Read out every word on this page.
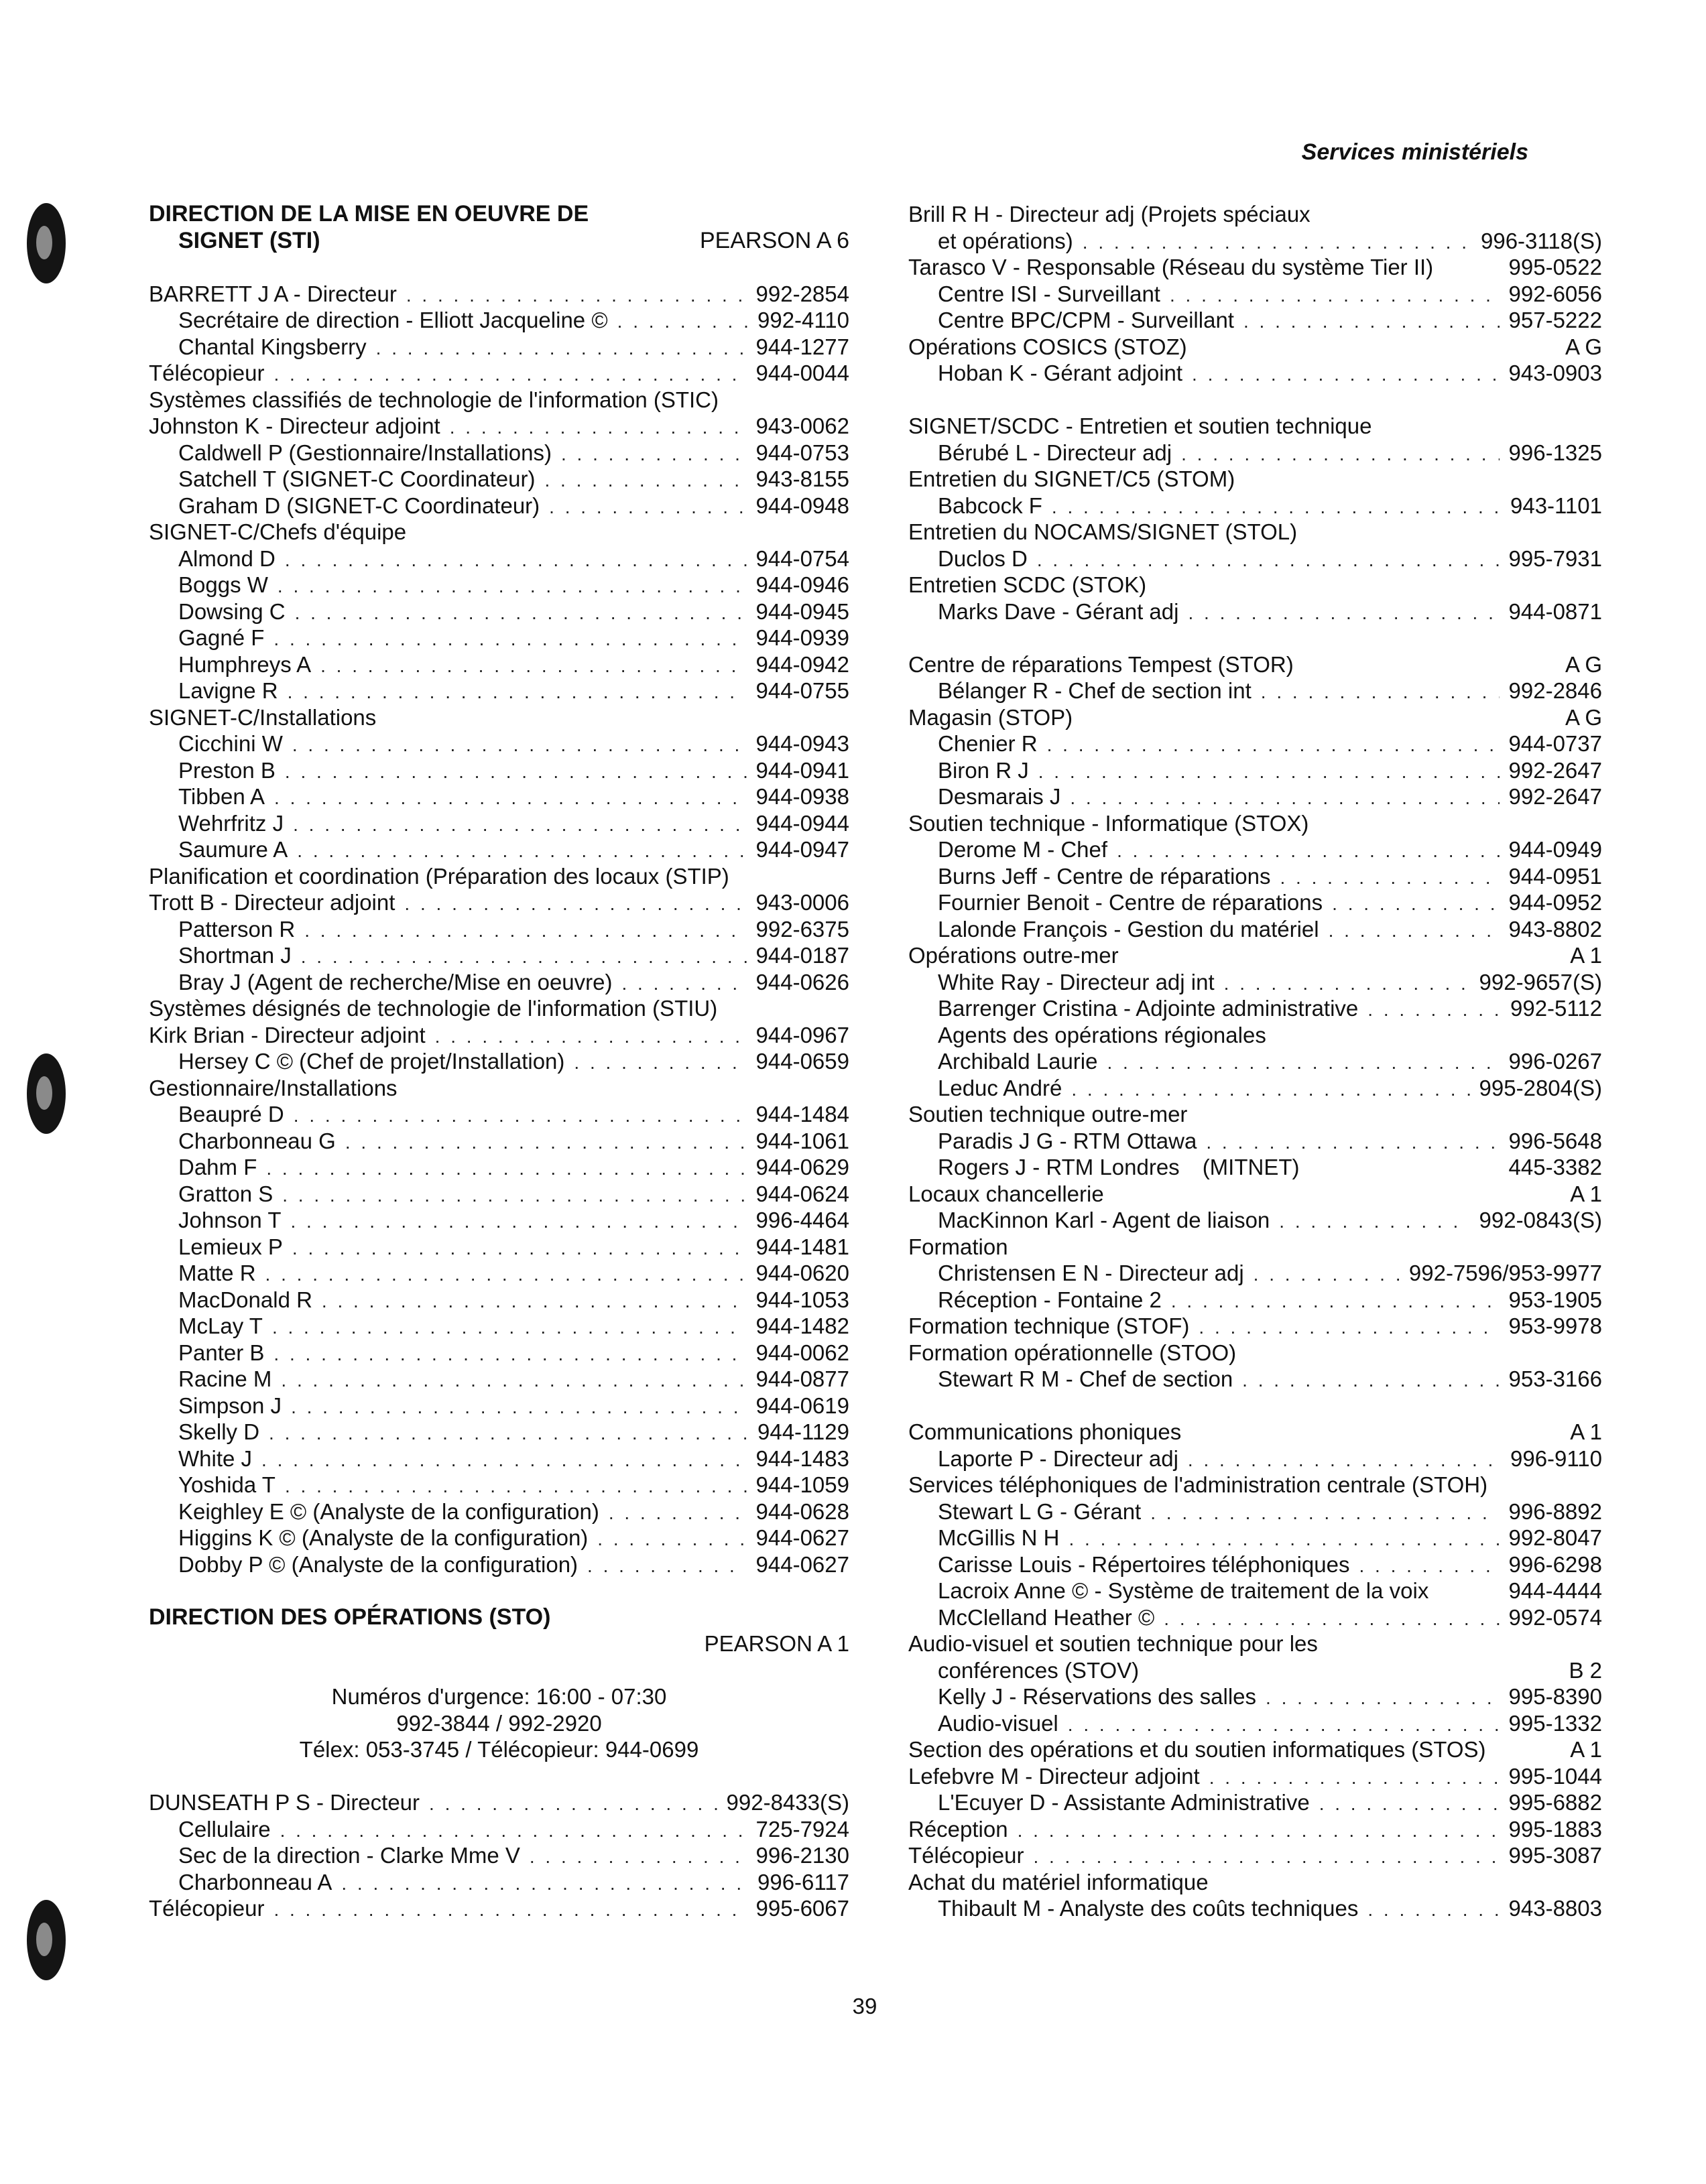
Services ministériels
DIRECTION DE LA MISE EN OEUVRE DE
SIGNET (STI)	PEARSON A 6
BARRETT J A - Directeur . . .	992-2854
Secrétaire de direction - Elliott Jacqueline © . . .	992-4110
Chantal Kingsberry . . .	944-1277
Télécopieur . . .	944-0044
Systèmes classifiés de technologie de l'information (STIC)
Johnston K - Directeur adjoint . . .	943-0062
Caldwell P (Gestionnaire/Installations) . . .	944-0753
Satchell T (SIGNET-C Coordinateur) . . .	943-8155
Graham D (SIGNET-C Coordinateur) . . .	944-0948
SIGNET-C/Chefs d'équipe
Almond D . . .	944-0754
Boggs W . . .	944-0946
Dowsing C . . .	944-0945
Gagné F . . .	944-0939
Humphreys A . . .	944-0942
Lavigne R . . .	944-0755
SIGNET-C/Installations
Cicchini W . . .	944-0943
Preston B . . .	944-0941
Tibben A . . .	944-0938
Wehrfritz J . . .	944-0944
Saumure A . . .	944-0947
Planification et coordination (Préparation des locaux (STIP)
Trott B - Directeur adjoint . . .	943-0006
Patterson R . . .	992-6375
Shortman J . . .	944-0187
Bray J (Agent de recherche/Mise en oeuvre) . . .	944-0626
Systèmes désignés de technologie de l'information (STIU)
Kirk Brian - Directeur adjoint . . .	944-0967
Hersey C © (Chef de projet/Installation) . . .	944-0659
Gestionnaire/Installations
Beaupré D . . .	944-1484
Charbonneau G . . .	944-1061
Dahm F . . .	944-0629
Gratton S . . .	944-0624
Johnson T . . .	996-4464
Lemieux P . . .	944-1481
Matte R . . .	944-0620
MacDonald R . . .	944-1053
McLay T . . .	944-1482
Panter B . . .	944-0062
Racine M . . .	944-0877
Simpson J . . .	944-0619
Skelly D . . .	944-1129
White J . . .	944-1483
Yoshida T . . .	944-1059
Keighley E © (Analyste de la configuration) . . .	944-0628
Higgins K © (Analyste de la configuration) . . .	944-0627
Dobby P © (Analyste de la configuration) . . .	944-0627
DIRECTION DES OPÉRATIONS (STO)
PEARSON A 1
Numéros d'urgence: 16:00 - 07:30
992-3844 / 992-2920
Télex: 053-3745 / Télécopieur: 944-0699
DUNSEATH P S - Directeur . . .	992-8433(S)
Cellulaire . . .	725-7924
Sec de la direction - Clarke Mme V . . .	996-2130
Charbonneau A . . .	996-6117
Télécopieur . . .	995-6067
Brill R H - Directeur adj (Projets spéciaux
et opérations) . . .	996-3118(S)
Tarasco V - Responsable (Réseau du système Tier II)	995-0522
Centre ISI - Surveillant . . .	992-6056
Centre BPC/CPM - Surveillant . . .	957-5222
Opérations COSICS (STOZ)	A G
Hoban K - Gérant adjoint . . .	943-0903
SIGNET/SCDC - Entretien et soutien technique
Bérubé L - Directeur adj . . .	996-1325
Entretien du SIGNET/C5 (STOM)
Babcock F . . .	943-1101
Entretien du NOCAMS/SIGNET (STOL)
Duclos D . . .	995-7931
Entretien SCDC (STOK)
Marks Dave - Gérant adj . . .	944-0871
Centre de réparations Tempest (STOR)	A G
Bélanger R - Chef de section int . . .	992-2846
Magasin (STOP)	A G
Chenier R . . .	944-0737
Biron R J . . .	992-2647
Desmarais J . . .	992-2647
Soutien technique - Informatique (STOX)
Derome M - Chef . . .	944-0949
Burns Jeff - Centre de réparations . . .	944-0951
Fournier Benoit - Centre de réparations . . .	944-0952
Lalonde François - Gestion du matériel . . .	943-8802
Opérations outre-mer	A 1
White Ray - Directeur adj int . . .	992-9657(S)
Barrenger Cristina - Adjointe administrative . . .	992-5112
Agents des opérations régionales
Archibald Laurie . . .	996-0267
Leduc André . . .	995-2804(S)
Soutien technique outre-mer
Paradis J G - RTM Ottawa . . .	996-5648
Rogers J - RTM Londres (MITNET)	445-3382
Locaux chancellerie	A 1
MacKinnon Karl - Agent de liaison . . .	992-0843(S)
Formation
Christensen E N - Directeur adj . . .	992-7596/953-9977
Réception - Fontaine 2 . . .	953-1905
Formation technique (STOF) . . .	953-9978
Formation opérationnelle (STOO)
Stewart R M - Chef de section . . .	953-3166
Communications phoniques	A 1
Laporte P - Directeur adj . . .	996-9110
Services téléphoniques de l'administration centrale (STOH)
Stewart L G - Gérant . . .	996-8892
McGillis N H . . .	992-8047
Carisse Louis - Répertoires téléphoniques . . .	996-6298
Lacroix Anne © - Système de traitement de la voix	944-4444
McClelland Heather © . . .	992-0574
Audio-visuel et soutien technique pour les
conférences (STOV)	B 2
Kelly J - Réservations des salles . . .	995-8390
Audio-visuel . . .	995-1332
Section des opérations et du soutien informatiques (STOS)	A 1
Lefebvre M - Directeur adjoint . . .	995-1044
L'Ecuyer D - Assistante Administrative . . .	995-6882
Réception . . .	995-1883
Télécopieur . . .	995-3087
Achat du matériel informatique
Thibault M - Analyste des coûts techniques . . .	943-8803
39
